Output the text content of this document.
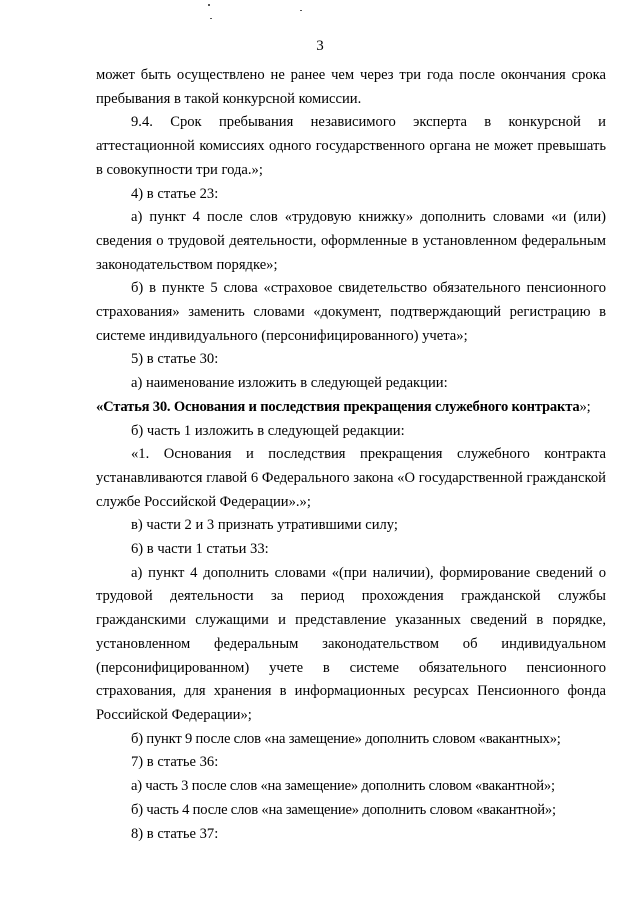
3

может быть осуществлено не ранее чем через три года после окончания срока пребывания в такой конкурсной комиссии.

9.4. Срок пребывания независимого эксперта в конкурсной и аттестационной комиссиях одного государственного органа не может превышать в совокупности три года.»;

4) в статье 23:

а) пункт 4 после слов «трудовую книжку» дополнить словами «и (или) сведения о трудовой деятельности, оформленные в установленном федеральным законодательством порядке»;

б) в пункте 5 слова «страховое свидетельство обязательного пенсионного страхования» заменить словами «документ, подтверждающий регистрацию в системе индивидуального (персонифицированного) учета»;

5) в статье 30:

а) наименование изложить в следующей редакции:

«Статья 30. Основания и последствия прекращения служебного контракта»;

б) часть 1 изложить в следующей редакции:

«1. Основания и последствия прекращения служебного контракта устанавливаются главой 6 Федерального закона «О государственной гражданской службе Российской Федерации».»;

в) части 2 и 3 признать утратившими силу;

6) в части 1 статьи 33:

а) пункт 4 дополнить словами «(при наличии), формирование сведений о трудовой деятельности за период прохождения гражданской службы гражданскими служащими и представление указанных сведений в порядке, установленном федеральным законодательством об индивидуальном (персонифицированном) учете в системе обязательного пенсионного страхования, для хранения в информационных ресурсах Пенсионного фонда Российской Федерации»;

б) пункт 9 после слов «на замещение» дополнить словом «вакантных»;

7) в статье 36:

а) часть 3 после слов «на замещение» дополнить словом «вакантной»;

б) часть 4 после слов «на замещение» дополнить словом «вакантной»;

8) в статье 37:
